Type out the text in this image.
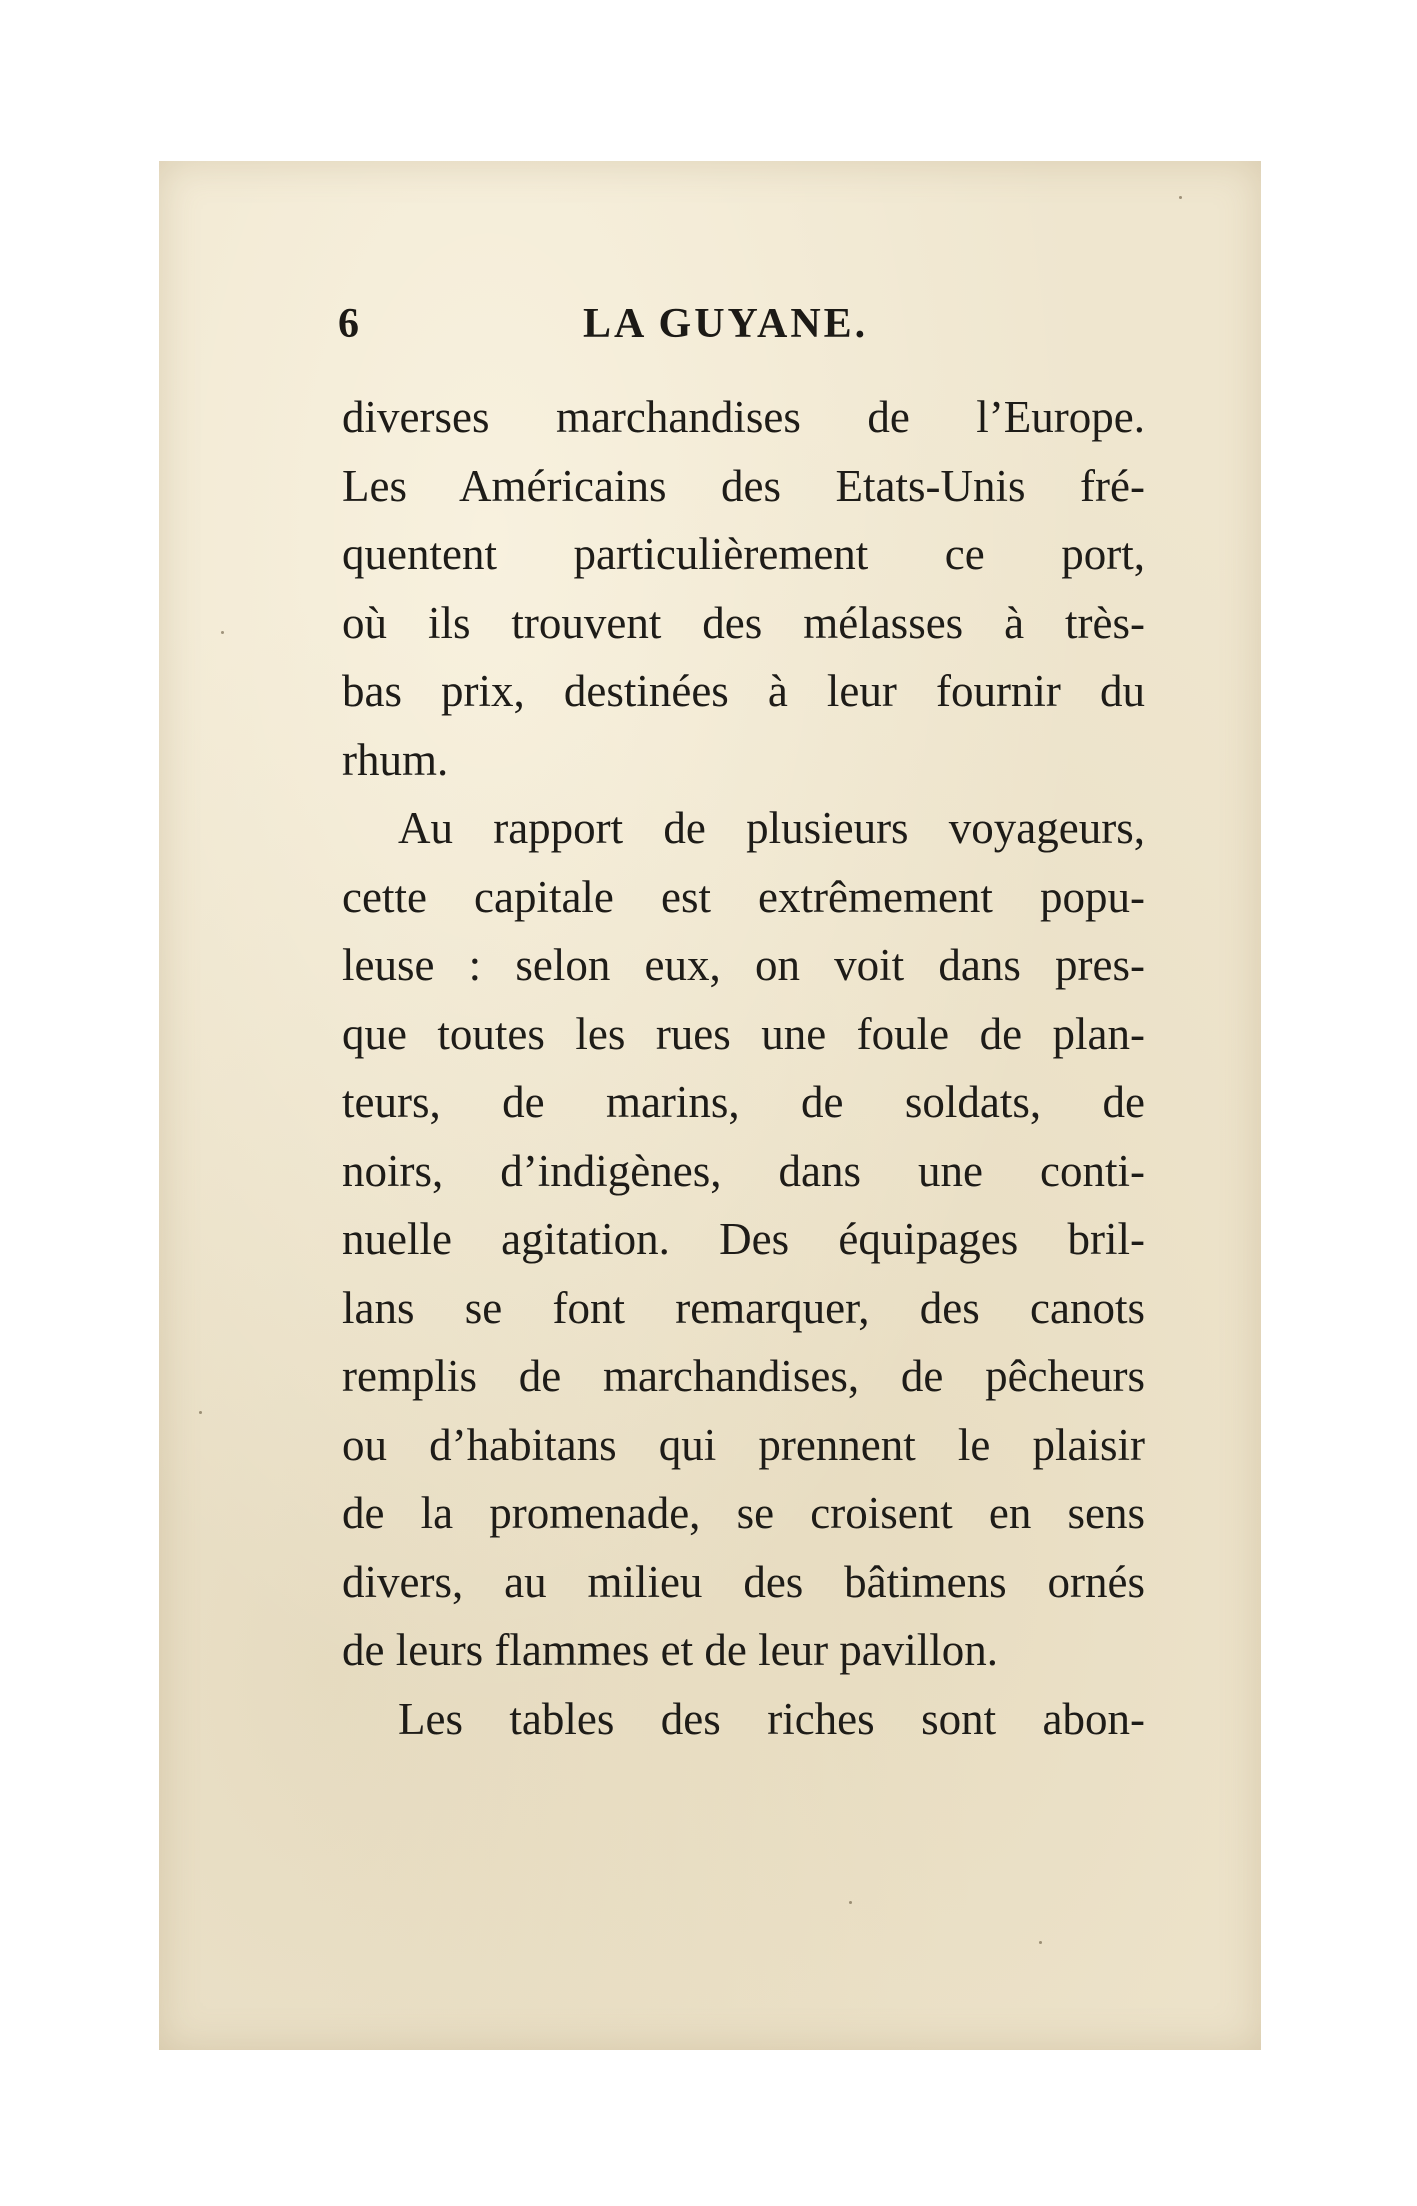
6	LA GUYANE.
diverses marchandises de l’Europe.
Les Américains des Etats-Unis fré-
quentent particulièrement ce port,
où ils trouvent des mélasses à très-
bas prix, destinées à leur fournir du
rhum.
Au rapport de plusieurs voyageurs,
cette capitale est extrêmement popu-
leuse : selon eux, on voit dans pres-
que toutes les rues une foule de plan-
teurs, de marins, de soldats, de
noirs, d’indigènes, dans une conti-
nuelle agitation. Des équipages bril-
lans se font remarquer, des canots
remplis de marchandises, de pêcheurs
ou d’habitans qui prennent le plaisir
de la promenade, se croisent en sens
divers, au milieu des bâtimens ornés
de leurs flammes et de leur pavillon.
Les tables des riches sont abon-
